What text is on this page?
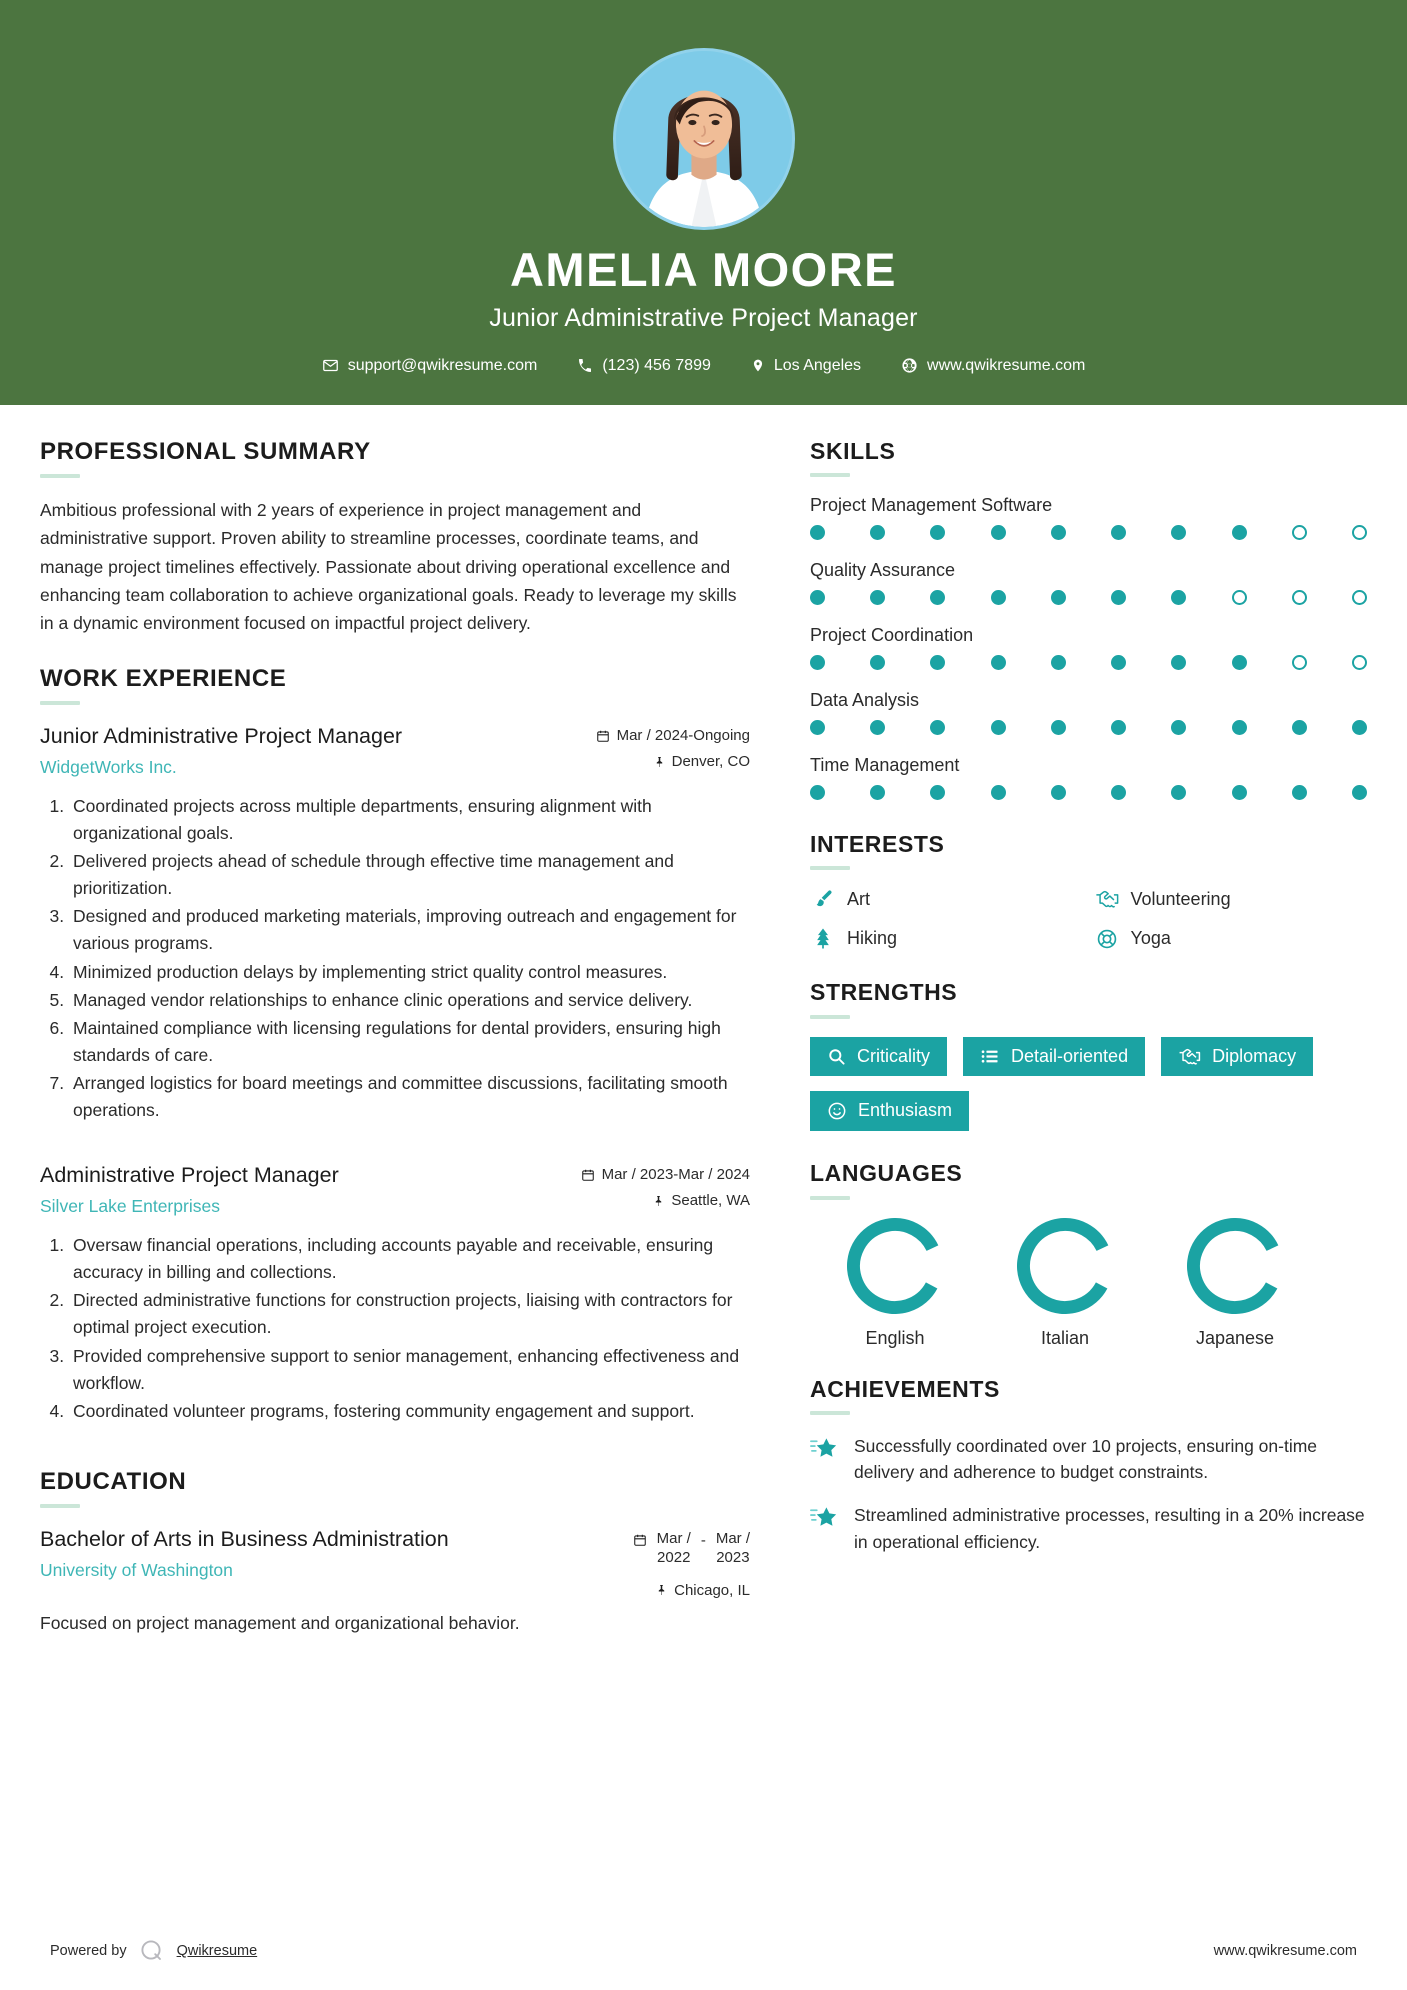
AMELIA MOORE
Junior Administrative Project Manager
support@qwikresume.com	(123) 456 7899	Los Angeles	www.qwikresume.com
PROFESSIONAL SUMMARY
Ambitious professional with 2 years of experience in project management and administrative support. Proven ability to streamline processes, coordinate teams, and manage project timelines effectively. Passionate about driving operational excellence and enhancing team collaboration to achieve organizational goals. Ready to leverage my skills in a dynamic environment focused on impactful project delivery.
WORK EXPERIENCE
Junior Administrative Project Manager
WidgetWorks Inc.
Mar / 2024-Ongoing
Denver, CO
1. Coordinated projects across multiple departments, ensuring alignment with organizational goals.
2. Delivered projects ahead of schedule through effective time management and prioritization.
3. Designed and produced marketing materials, improving outreach and engagement for various programs.
4. Minimized production delays by implementing strict quality control measures.
5. Managed vendor relationships to enhance clinic operations and service delivery.
6. Maintained compliance with licensing regulations for dental providers, ensuring high standards of care.
7. Arranged logistics for board meetings and committee discussions, facilitating smooth operations.
Administrative Project Manager
Silver Lake Enterprises
Mar / 2023-Mar / 2024
Seattle, WA
1. Oversaw financial operations, including accounts payable and receivable, ensuring accuracy in billing and collections.
2. Directed administrative functions for construction projects, liaising with contractors for optimal project execution.
3. Provided comprehensive support to senior management, enhancing effectiveness and workflow.
4. Coordinated volunteer programs, fostering community engagement and support.
EDUCATION
Bachelor of Arts in Business Administration
University of Washington
Mar /
2022
- Mar /
2023
Chicago, IL
Focused on project management and organizational behavior.
SKILLS
Project Management Software
Quality Assurance
Project Coordination
Data Analysis
Time Management
INTERESTS
Art	Volunteering
Hiking	Yoga
STRENGTHS
Criticality	Detail-oriented	Diplomacy
Enthusiasm
LANGUAGES
English	Italian	Japanese
ACHIEVEMENTS
Successfully coordinated over 10 projects, ensuring on-time delivery and adherence to budget constraints.
Streamlined administrative processes, resulting in a 20% increase in operational efficiency.
Powered by	Qwikresume	www.qwikresume.com
